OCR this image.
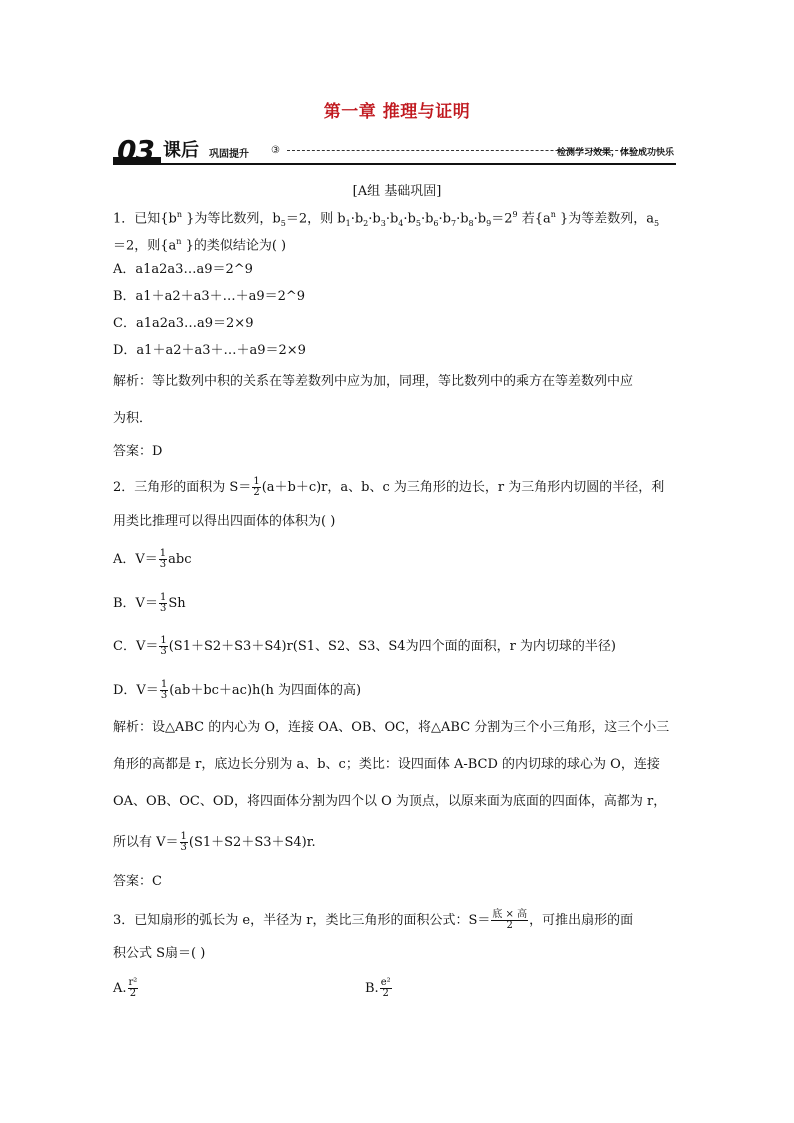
第一章 推理与证明
03 课后 巩固提升 ③	检测学习效果，体验成功快乐
[A组 基础巩固]
1．已知{$b^n$ }为等比数列，$b_5=2$，则 $b_1\cdot b_2\cdot b_3\cdot b_4\cdot b_5\cdot b_6\cdot b_7\cdot b_8\cdot b_9=2^9$ 若{$a^n$ }为等差数列，$a_5$
＝2，则{$a^n$ }的类似结论为( )
A．a1a2a3…a9＝2^9
B．a1＋a2＋a3＋…＋a9＝2^9
C．a1a2a3…a9＝2×9
D．a1＋a2＋a3＋…＋a9＝2×9
解析：等比数列中积的关系在等差数列中应为加，同理，等比数列中的乘方在等差数列中应
为积．
答案：D
2．三角形的面积为 $S= \frac{1}{2} (a+b+c)r$，a、b、c 为三角形的边长，r 为三角形内切圆的半径，利
用类比推理可以得出四面体的体积为( )
A．$V= \frac{1}{3}$ abc
B．$V= \frac{1}{3}$ Sh
C．$V= \frac{1}{3} (S1+S2+S3+S4)r(S1$、S2、S3、S4为四个面的面积，r 为内切球的半径)
D．$V= \frac{1}{3} (ab+bc+ac)h(h$ 为四面体的高)
解析：设△ABC 的内心为 O，连接 OA、OB、OC，将△ABC 分割为三个小三角形，这三个小三
角形的高都是 r，底边长分别为 a、b、c；类比：设四面体 A-BCD 的内切球的球心为 O，连接
OA、OB、OC、OD，将四面体分割为四个以 O 为顶点，以原来面为底面的四面体，高都为 r，
所以有 $V= \frac{1}{3} (S1+S2+S3+S4)r$.
答案：C
3．已知扇形的弧长为 e，半径为 r，类比三角形的面积公式：$S= \frac{\text{底 × 高}}{2}$ ，可推出扇形的面
积公式 S扇＝( )
A. $\frac{\text{r²}}{2}$	B. $\frac{\text{e²}}{2}$
